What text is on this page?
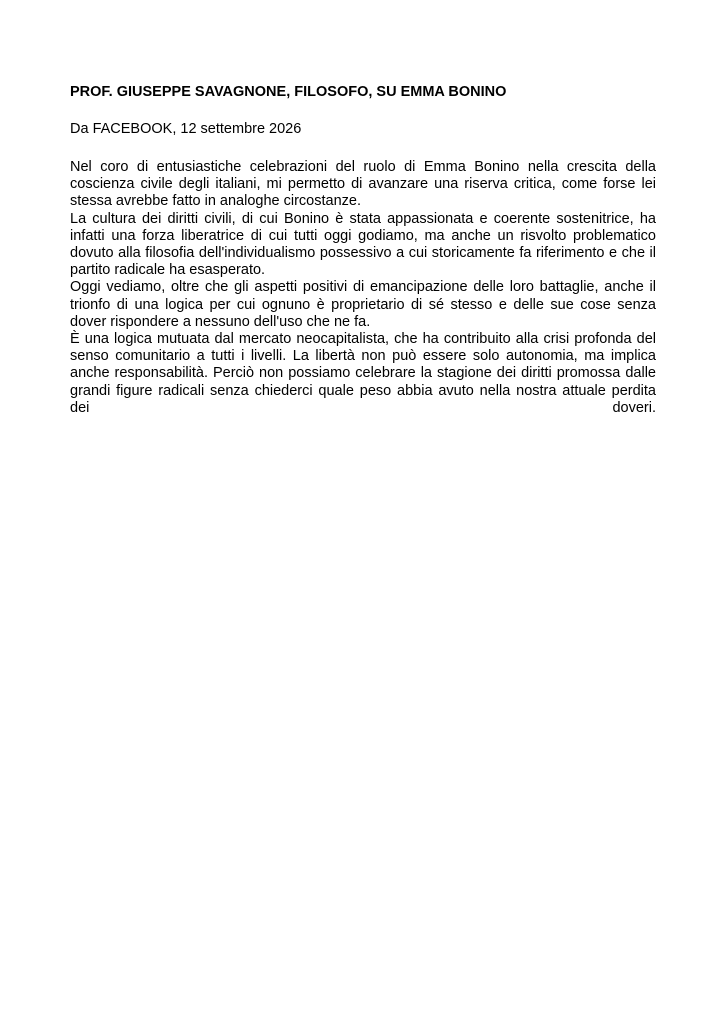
PROF. GIUSEPPE SAVAGNONE, FILOSOFO, SU EMMA BONINO

Da FACEBOOK, 12 settembre 2026

Nel coro di entusiastiche celebrazioni del ruolo di Emma Bonino nella crescita della coscienza civile degli italiani, mi permetto di avanzare una riserva critica, come forse lei stessa avrebbe fatto in analoghe circostanze.

La cultura dei diritti civili, di cui Bonino è stata appassionata e coerente sostenitrice, ha infatti una forza liberatrice di cui tutti oggi godiamo, ma anche un risvolto problematico dovuto alla filosofia dell'individualismo possessivo a cui storicamente fa riferimento e che il partito radicale ha esasperato.

Oggi vediamo, oltre che gli aspetti positivi di emancipazione delle loro battaglie, anche il trionfo di una logica per cui ognuno è proprietario di sé stesso e delle sue cose senza dover rispondere a nessuno dell'uso che ne fa.

È una logica mutuata dal mercato neocapitalista, che ha contribuito alla crisi profonda del senso comunitario a tutti i livelli. La libertà non può essere solo autonomia, ma implica anche responsabilità. Perciò non possiamo celebrare la stagione dei diritti promossa dalle grandi figure radicali senza chiederci quale peso abbia avuto nella nostra attuale perdita dei doveri.
